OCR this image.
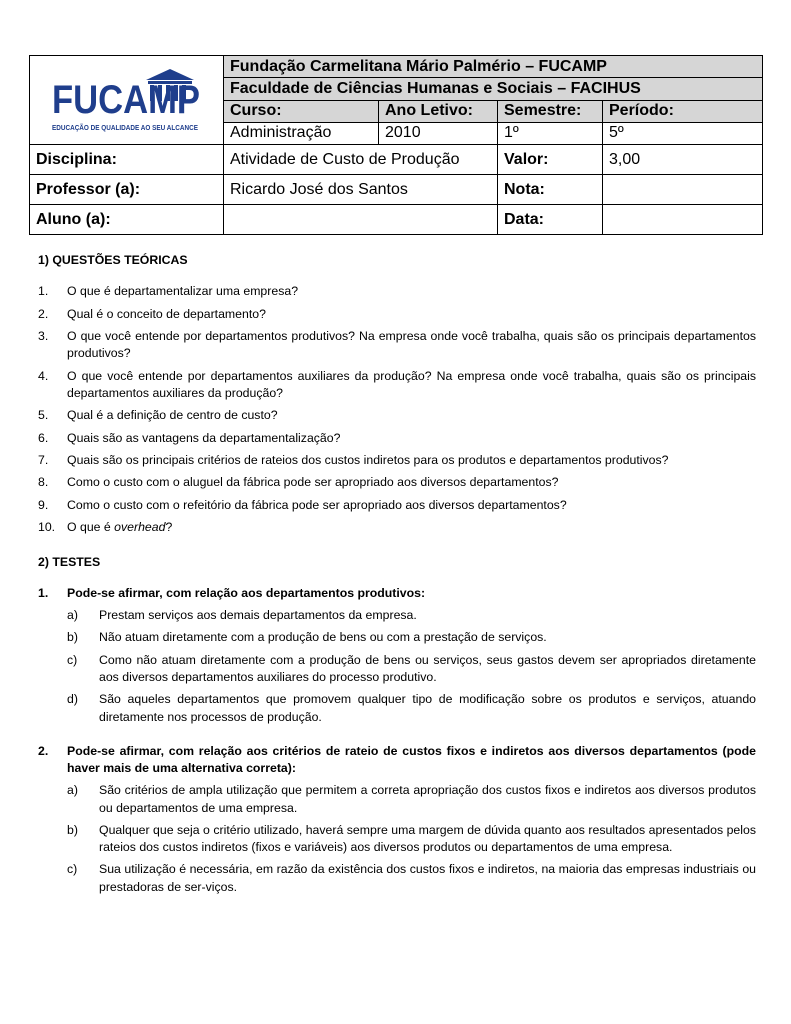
FUCAMP
EDUCAÇÃO DE QUALIDADE AO SEU ALCANCE	Fundação Carmelitana Mário Palmério – FUCAMP			
	Faculdade de Ciências Humanas e Sociais – FACIHUS			
	Curso:	Ano Letivo:	Semestre:	Período:
	Administração	2010	1º	5º
Disciplina:	Atividade de Custo de Produção		Valor:	3,00
Professor (a):	Ricardo José dos Santos		Nota:	
Aluno (a):			Data:	
1) QUESTÕES TEÓRICAS
1. O que é departamentalizar uma empresa?
2. Qual é o conceito de departamento?
3. O que você entende por departamentos produtivos? Na empresa onde você trabalha, quais são os principais departamentos produtivos?
4. O que você entende por departamentos auxiliares da produção? Na empresa onde você trabalha, quais são os principais departamentos auxiliares da produção?
5. Qual é a definição de centro de custo?
6. Quais são as vantagens da departamentalização?
7. Quais são os principais critérios de rateios dos custos indiretos para os produtos e departamentos produtivos?
8. Como o custo com o aluguel da fábrica pode ser apropriado aos diversos departamentos?
9. Como o custo com o refeitório da fábrica pode ser apropriado aos diversos departamentos?
10. O que é overhead?
2) TESTES
1. Pode-se afirmar, com relação aos departamentos produtivos:
a) Prestam serviços aos demais departamentos da empresa.
b) Não atuam diretamente com a produção de bens ou com a prestação de serviços.
c) Como não atuam diretamente com a produção de bens ou serviços, seus gastos devem ser apropriados diretamente aos diversos departamentos auxiliares do processo produtivo.
d) São aqueles departamentos que promovem qualquer tipo de modificação sobre os produtos e serviços, atuando diretamente nos processos de produção.
2. Pode-se afirmar, com relação aos critérios de rateio de custos fixos e indiretos aos diversos departamentos (pode haver mais de uma alternativa correta):
a) São critérios de ampla utilização que permitem a correta apropriação dos custos fixos e indiretos aos diversos produtos ou departamentos de uma empresa.
b) Qualquer que seja o critério utilizado, haverá sempre uma margem de dúvida quanto aos resultados apresentados pelos rateios dos custos indiretos (fixos e variáveis) aos diversos produtos ou departamentos de uma empresa.
c) Sua utilização é necessária, em razão da existência dos custos fixos e indiretos, na maioria das empresas industriais ou prestadoras de ser-viços.
